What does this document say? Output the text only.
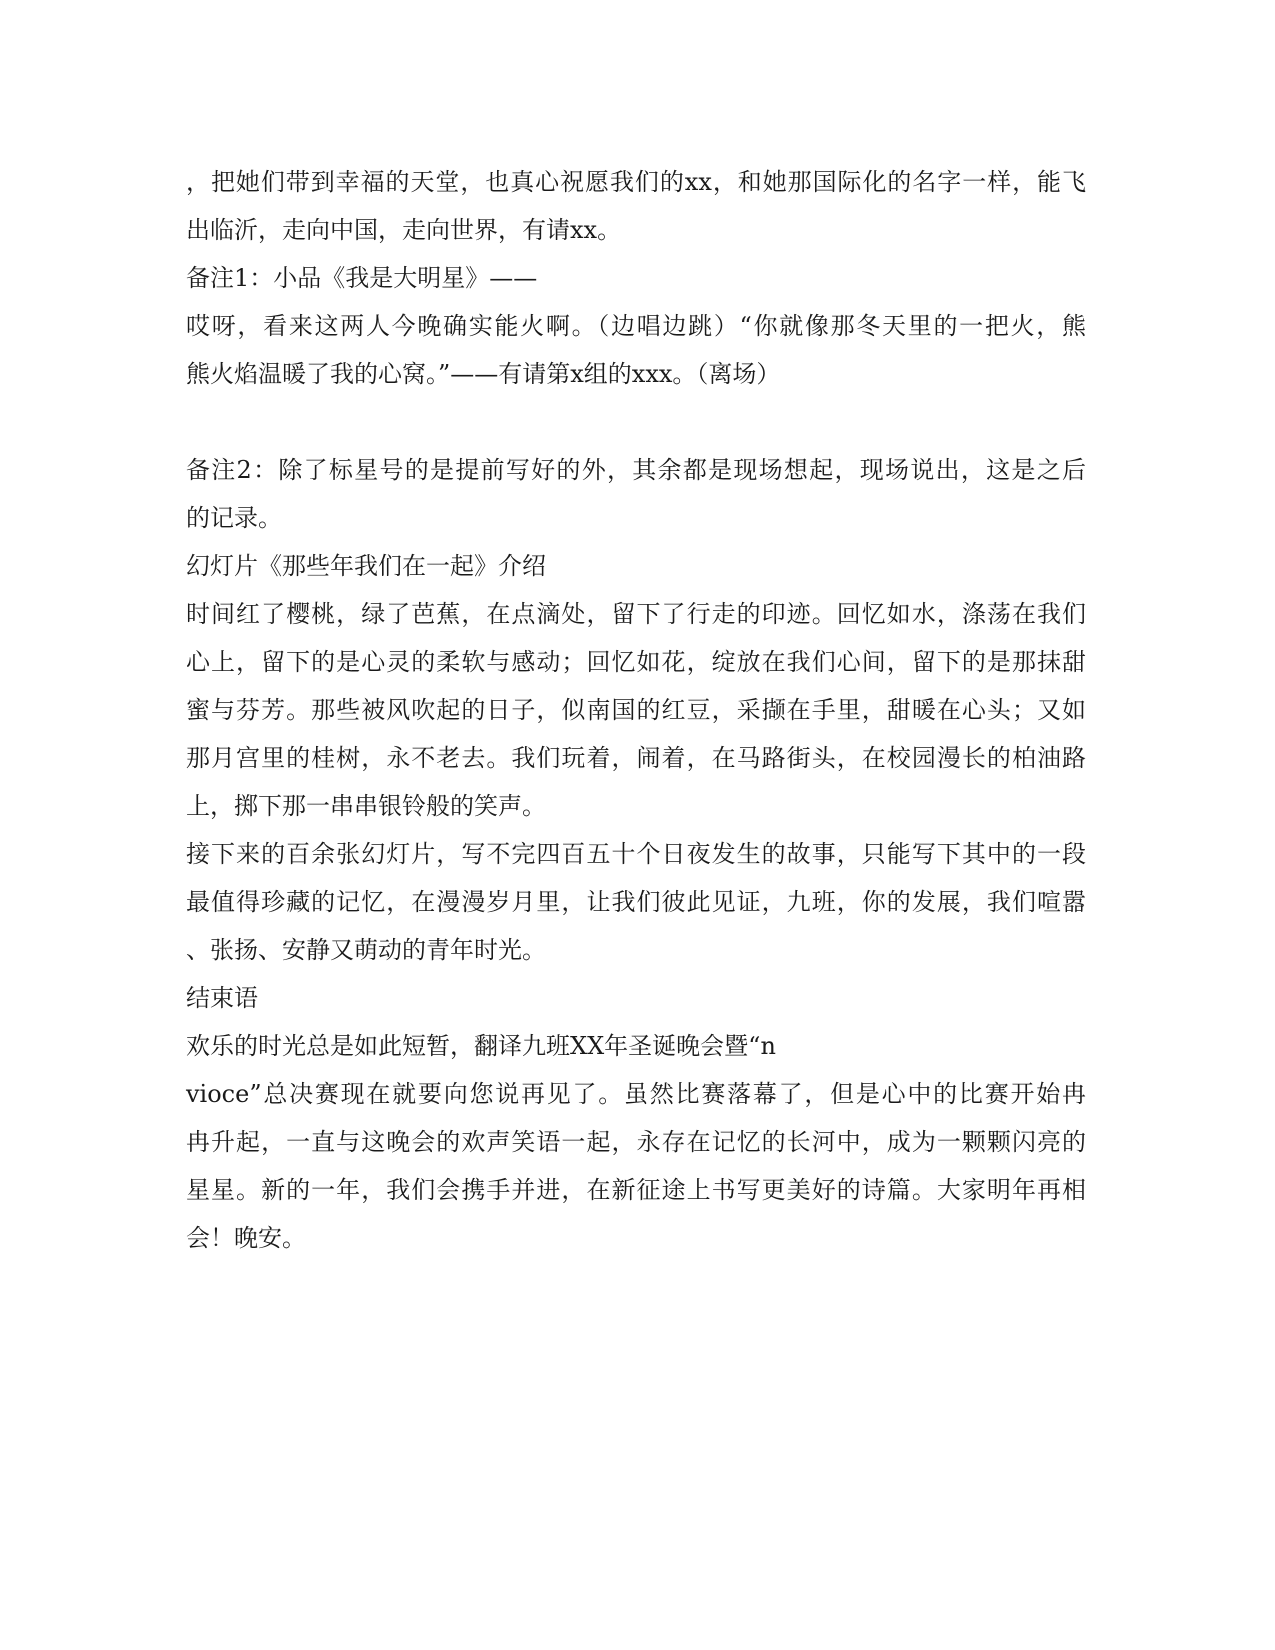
，把她们带到幸福的天堂，也真心祝愿我们的xx，和她那国际化的名字一样，能飞
出临沂，走向中国，走向世界，有请xx。
备注1：小品《我是大明星》——
哎呀，看来这两人今晚确实能火啊。（边唱边跳）“你就像那冬天里的一把火，熊
熊火焰温暖了我的心窝。”——有请第x组的xxx。（离场）
备注2：除了标星号的是提前写好的外，其余都是现场想起，现场说出，这是之后
的记录。
幻灯片《那些年我们在一起》介绍
时间红了樱桃，绿了芭蕉，在点滴处，留下了行走的印迹。回忆如水，涤荡在我们
心上，留下的是心灵的柔软与感动；回忆如花，绽放在我们心间，留下的是那抹甜
蜜与芬芳。那些被风吹起的日子，似南国的红豆，采撷在手里，甜暖在心头；又如
那月宫里的桂树，永不老去。我们玩着，闹着，在马路街头，在校园漫长的柏油路
上，掷下那一串串银铃般的笑声。
接下来的百余张幻灯片，写不完四百五十个日夜发生的故事，只能写下其中的一段
最值得珍藏的记忆，在漫漫岁月里，让我们彼此见证，九班，你的发展，我们喧嚣
、张扬、安静又萌动的青年时光。
结束语
欢乐的时光总是如此短暂，翻译九班XX年圣诞晚会暨“n
vioce”总决赛现在就要向您说再见了。虽然比赛落幕了，但是心中的比赛开始冉
冉升起，一直与这晚会的欢声笑语一起，永存在记忆的长河中，成为一颗颗闪亮的
星星。新的一年，我们会携手并进，在新征途上书写更美好的诗篇。大家明年再相
会！晚安。
